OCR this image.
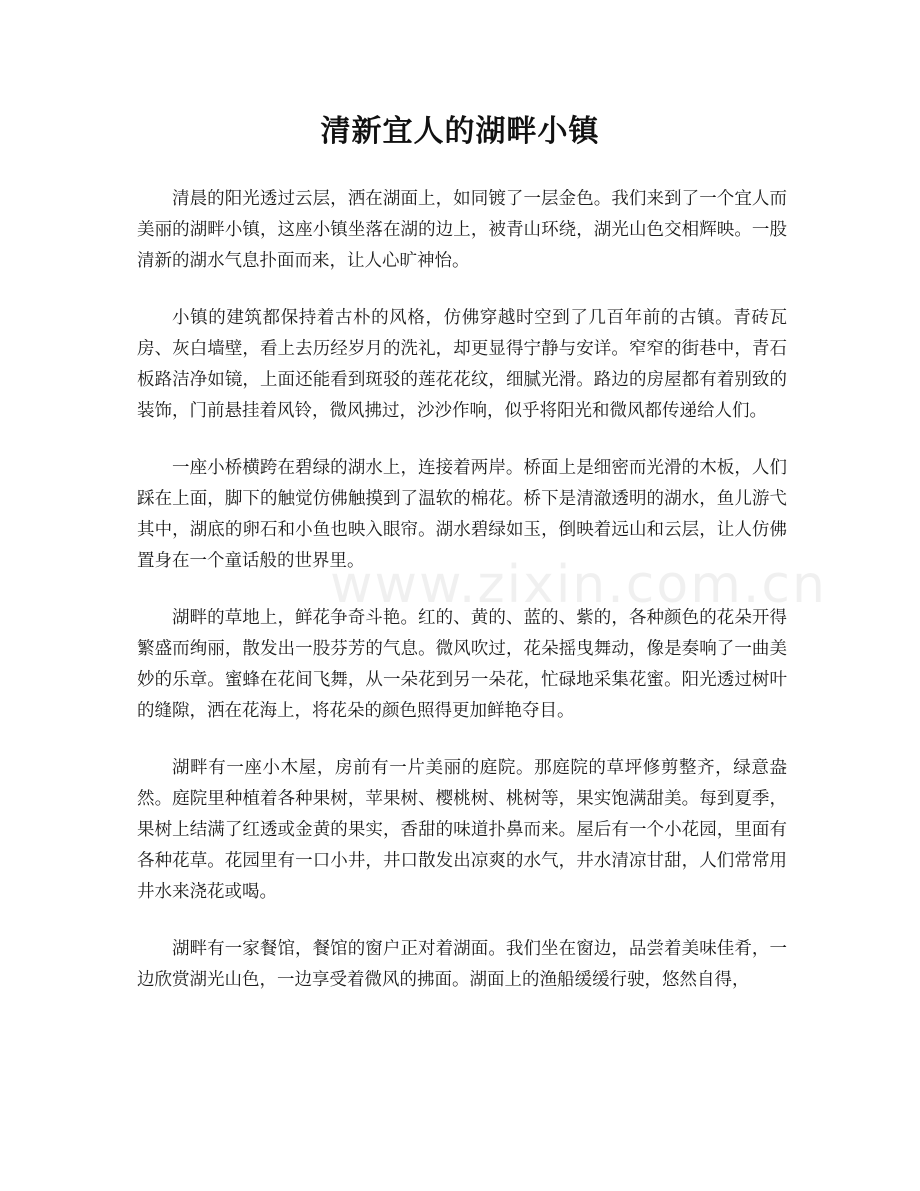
清新宜人的湖畔小镇
www.zixin.com.cn

清晨的阳光透过云层，洒在湖面上，如同镀了一层金色。我们来到了一个宜人而美丽的湖畔小镇，这座小镇坐落在湖的边上，被青山环绕，湖光山色交相辉映。一股清新的湖水气息扑面而来，让人心旷神怡。

小镇的建筑都保持着古朴的风格，仿佛穿越时空到了几百年前的古镇。青砖瓦房、灰白墙壁，看上去历经岁月的洗礼，却更显得宁静与安详。窄窄的街巷中，青石板路洁净如镜，上面还能看到斑驳的莲花花纹，细腻光滑。路边的房屋都有着别致的装饰，门前悬挂着风铃，微风拂过，沙沙作响，似乎将阳光和微风都传递给人们。

一座小桥横跨在碧绿的湖水上，连接着两岸。桥面上是细密而光滑的木板，人们踩在上面，脚下的触觉仿佛触摸到了温软的棉花。桥下是清澈透明的湖水，鱼儿游弋其中，湖底的卵石和小鱼也映入眼帘。湖水碧绿如玉，倒映着远山和云层，让人仿佛置身在一个童话般的世界里。

湖畔的草地上，鲜花争奇斗艳。红的、黄的、蓝的、紫的，各种颜色的花朵开得繁盛而绚丽，散发出一股芬芳的气息。微风吹过，花朵摇曳舞动，像是奏响了一曲美妙的乐章。蜜蜂在花间飞舞，从一朵花到另一朵花，忙碌地采集花蜜。阳光透过树叶的缝隙，洒在花海上，将花朵的颜色照得更加鲜艳夺目。

湖畔有一座小木屋，房前有一片美丽的庭院。那庭院的草坪修剪整齐，绿意盎然。庭院里种植着各种果树，苹果树、樱桃树、桃树等，果实饱满甜美。每到夏季，果树上结满了红透或金黄的果实，香甜的味道扑鼻而来。屋后有一个小花园，里面有各种花草。花园里有一口小井，井口散发出凉爽的水气，井水清凉甘甜，人们常常用井水来浇花或喝。

湖畔有一家餐馆，餐馆的窗户正对着湖面。我们坐在窗边，品尝着美味佳肴，一边欣赏湖光山色，一边享受着微风的拂面。湖面上的渔船缓缓行驶，悠然自得，
